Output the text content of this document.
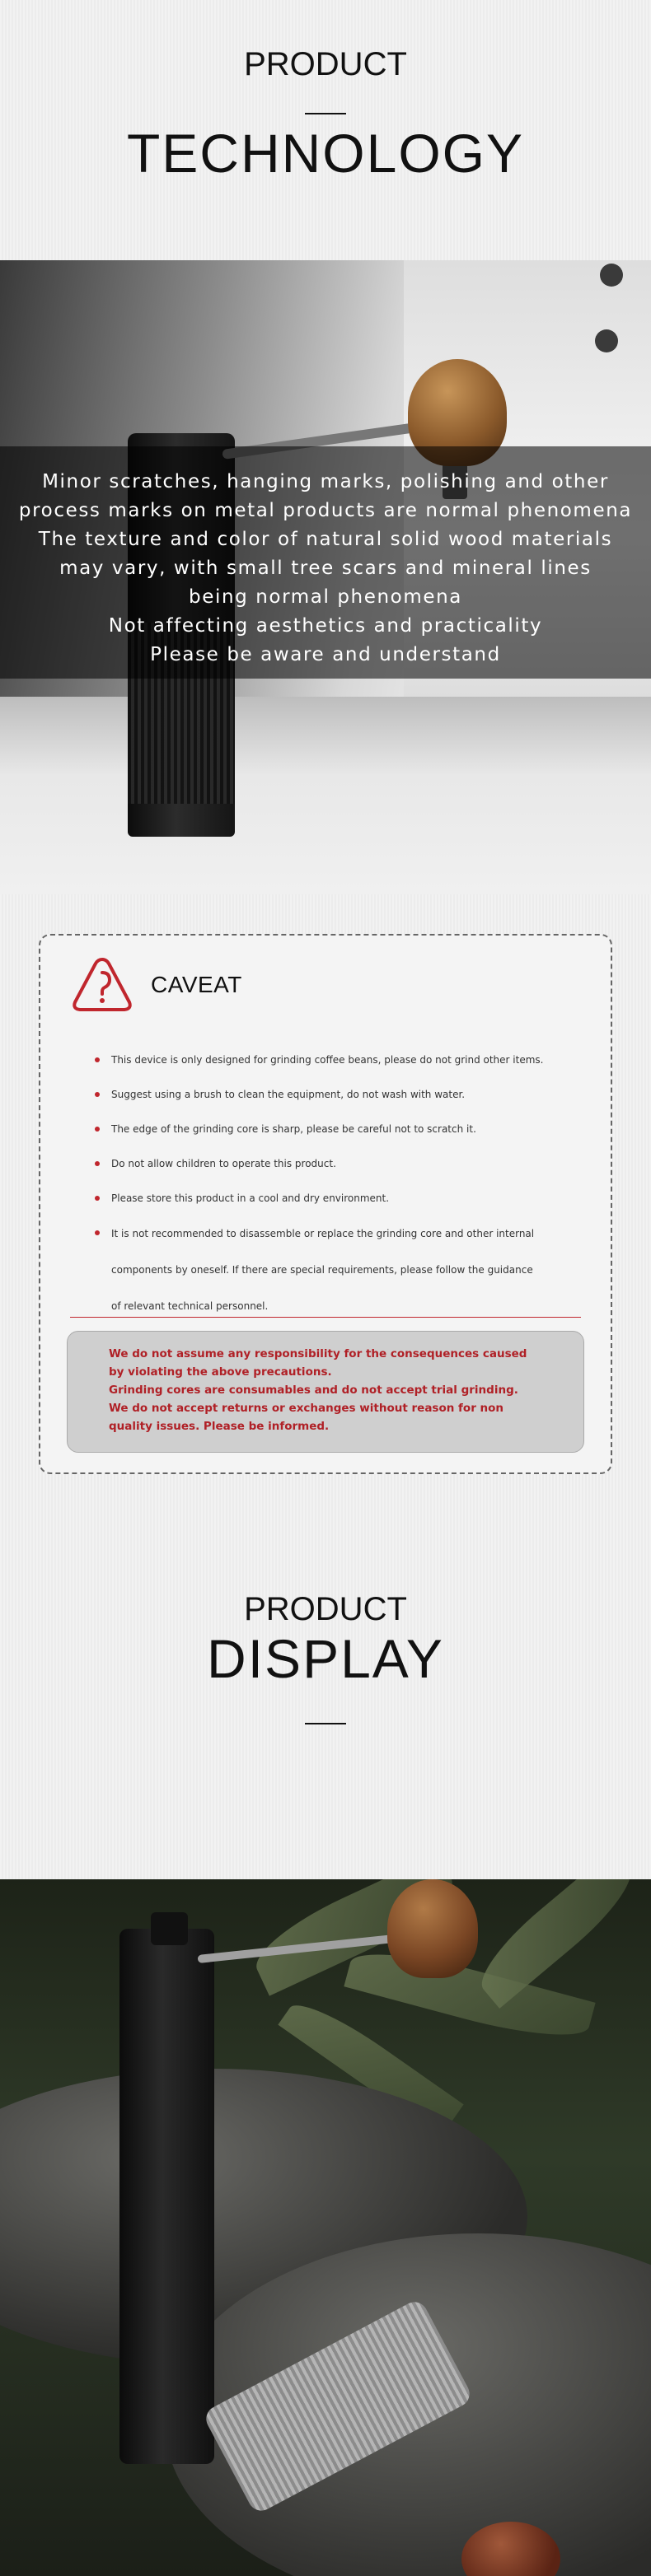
PRODUCT
TECHNOLOGY

Minor scratches, hanging marks, polishing and other

process marks on metal products are normal phenomena

The texture and color of natural solid wood materials

may vary, with small tree scars and mineral lines

being normal phenomena

Not affecting aesthetics and practicality

Please be aware and understand

PRODUCT
DISPLAY
CAVEAT
This device is only designed for grinding coffee beans, please do not grind other items.
Suggest using a brush to clean the equipment, do not wash with water.
The edge of the grinding core is sharp, please be careful not to scratch it.
Do not allow children to operate this product.
Please store this product in a cool and dry environment.
It is not recommended to disassemble or replace the grinding core and other internal
components by oneself. If there are special requirements, please follow the guidance
of relevant technical personnel.

We do not assume any responsibility for the consequences caused

by violating the above precautions.

Grinding cores are consumables and do not accept trial grinding.

We do not accept returns or exchanges without reason for non

quality issues. Please be informed.
